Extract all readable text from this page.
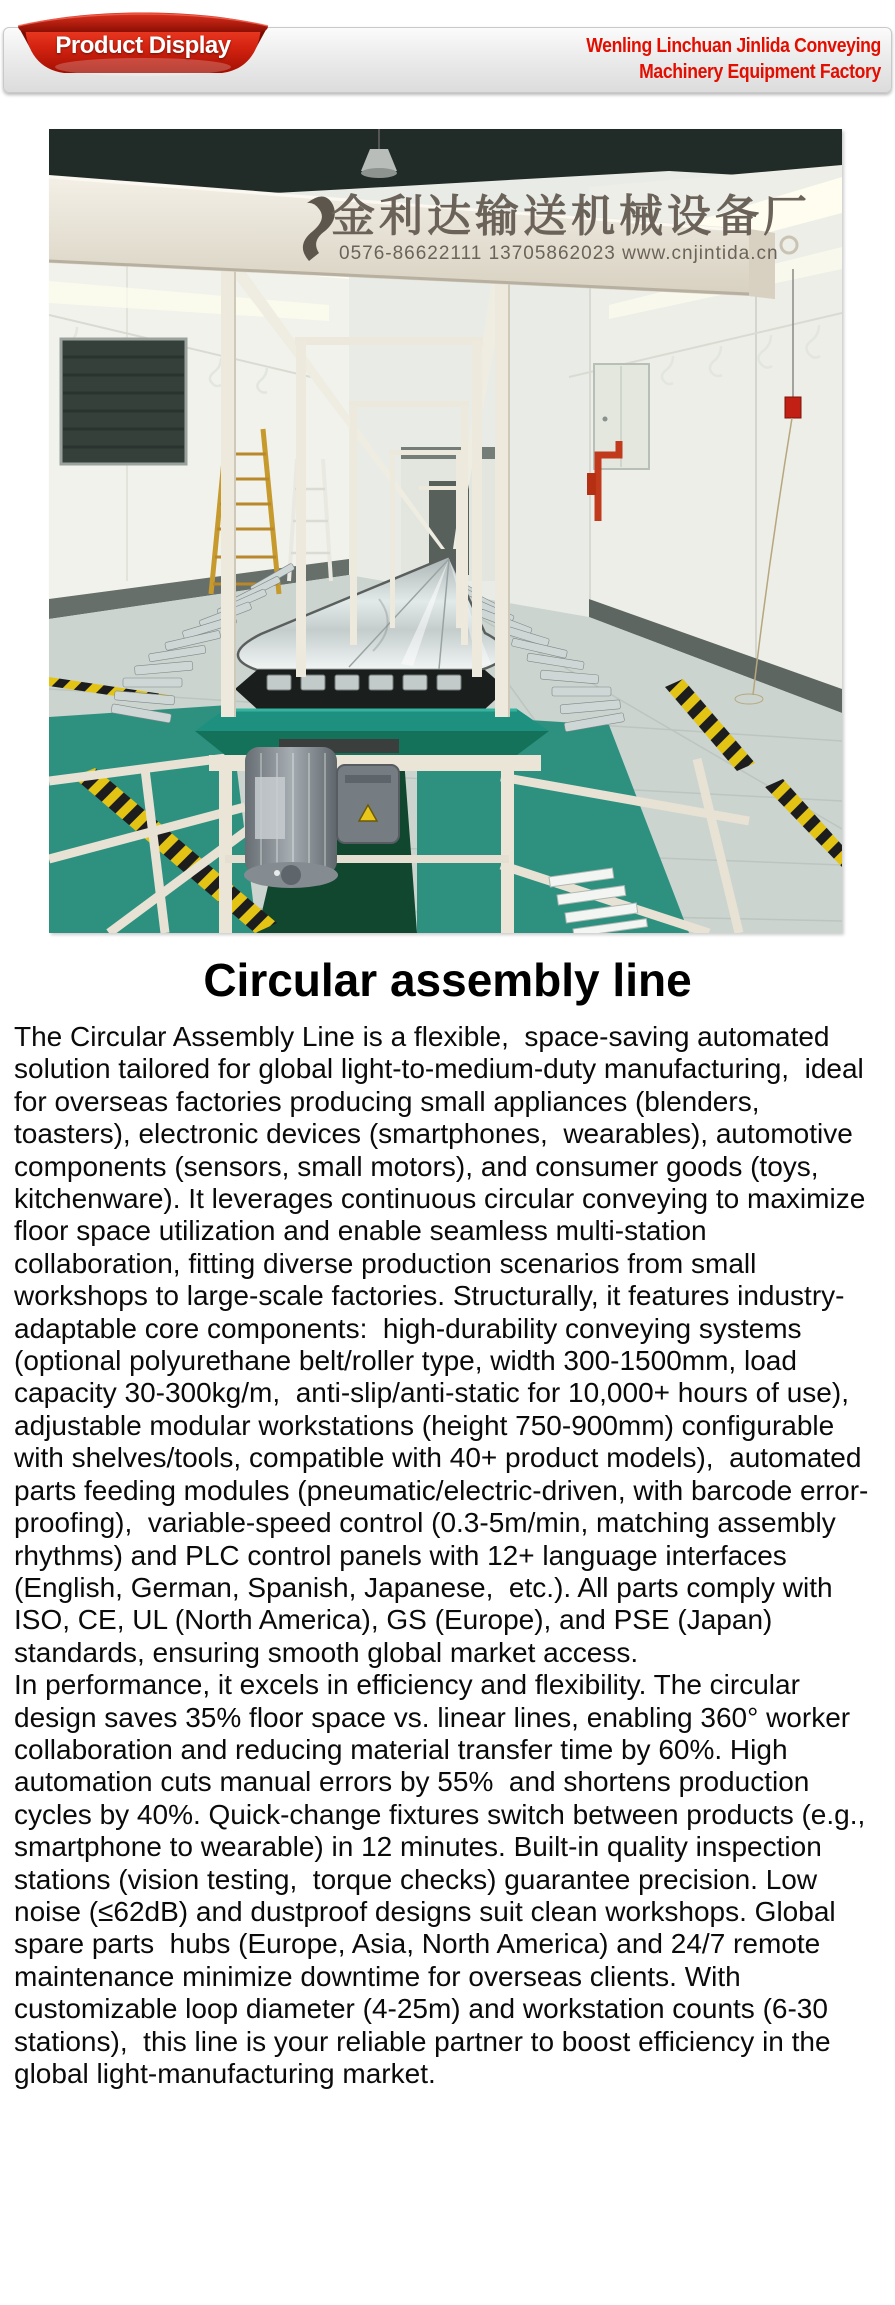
Product Display	Wenling Linchuan Jinlida Conveying
Machinery Equipment Factory
金利达输送机械设备厂
0576-86622111 13705862023 www.cnjintida.cn
Circular assembly line

The Circular Assembly Line is a flexible,  space-saving automated solution tailored for global light-to-medium-duty manufacturing,  ideal for overseas factories producing small appliances (blenders, toasters), electronic devices (smartphones,  wearables), automotive components (sensors, small motors), and consumer goods (toys, kitchenware). It leverages continuous circular conveying to maximize floor space utilization and enable seamless multi-station collaboration, fitting diverse production scenarios from small workshops to large-scale factories. Structurally, it features industry-adaptable core components:  high-durability conveying systems (optional polyurethane belt/roller type, width 300-1500mm, load capacity 30-300kg/m,  anti-slip/anti-static for 10,000+ hours of use), adjustable modular workstations (height 750-900mm) configurable with shelves/tools, compatible with 40+ product models),  automated parts feeding modules (pneumatic/electric-driven, with barcode error-proofing),  variable-speed control (0.3-5m/min, matching assembly rhythms) and PLC control panels with 12+ language interfaces (English, German, Spanish, Japanese,  etc.). All parts comply with ISO, CE, UL (North America), GS (Europe), and PSE (Japan) standards, ensuring smooth global market access.

In performance, it excels in efficiency and flexibility. The circular design saves 35% floor space vs. linear lines, enabling 360° worker collaboration and reducing material transfer time by 60%. High automation cuts manual errors by 55%  and shortens production cycles by 40%. Quick-change fixtures switch between products (e.g., smartphone to wearable) in 12 minutes. Built-in quality inspection stations (vision testing,  torque checks) guarantee precision. Low noise (≤62dB) and dustproof designs suit clean workshops. Global spare parts  hubs (Europe, Asia, North America) and 24/7 remote maintenance minimize downtime for overseas clients. With customizable loop diameter (4-25m) and workstation counts (6-30 stations),  this line is your reliable partner to boost efficiency in the global light-manufacturing market.
